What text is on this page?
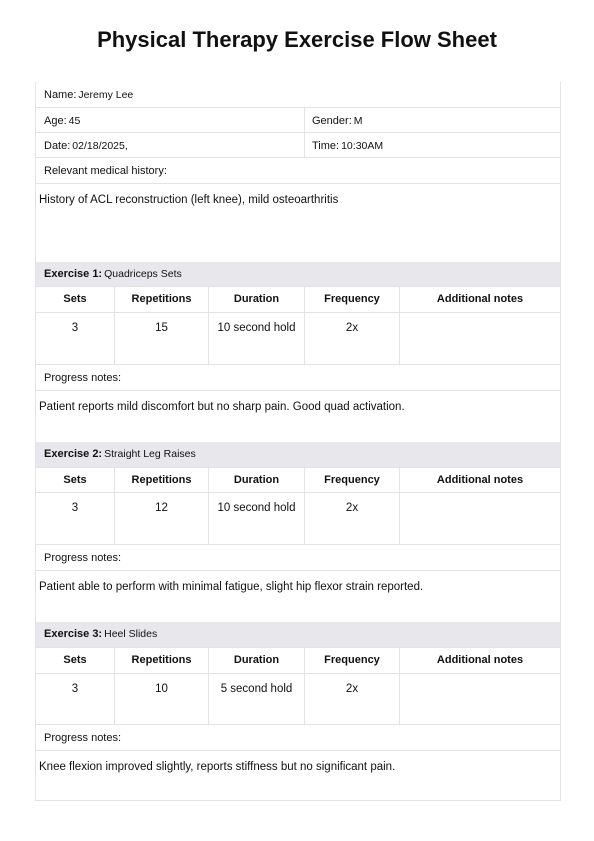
Physical Therapy Exercise Flow Sheet
Name: Jeremy Lee
Age: 45	Gender: M
Date: 02/18/2025,	Time: 10:30AM
Relevant medical history:
History of ACL reconstruction (left knee), mild osteoarthritis
Exercise 1: Quadriceps Sets
Sets	Repetitions	Duration	Frequency	Additional notes
3	15	10 second hold	2x
Progress notes:
Patient reports mild discomfort but no sharp pain. Good quad activation.
Exercise 2: Straight Leg Raises
Sets	Repetitions	Duration	Frequency	Additional notes
3	12	10 second hold	2x
Progress notes:
Patient able to perform with minimal fatigue, slight hip flexor strain reported.
Exercise 3: Heel Slides
Sets	Repetitions	Duration	Frequency	Additional notes
3	10	5 second hold	2x
Progress notes:
Knee flexion improved slightly, reports stiffness but no significant pain.
